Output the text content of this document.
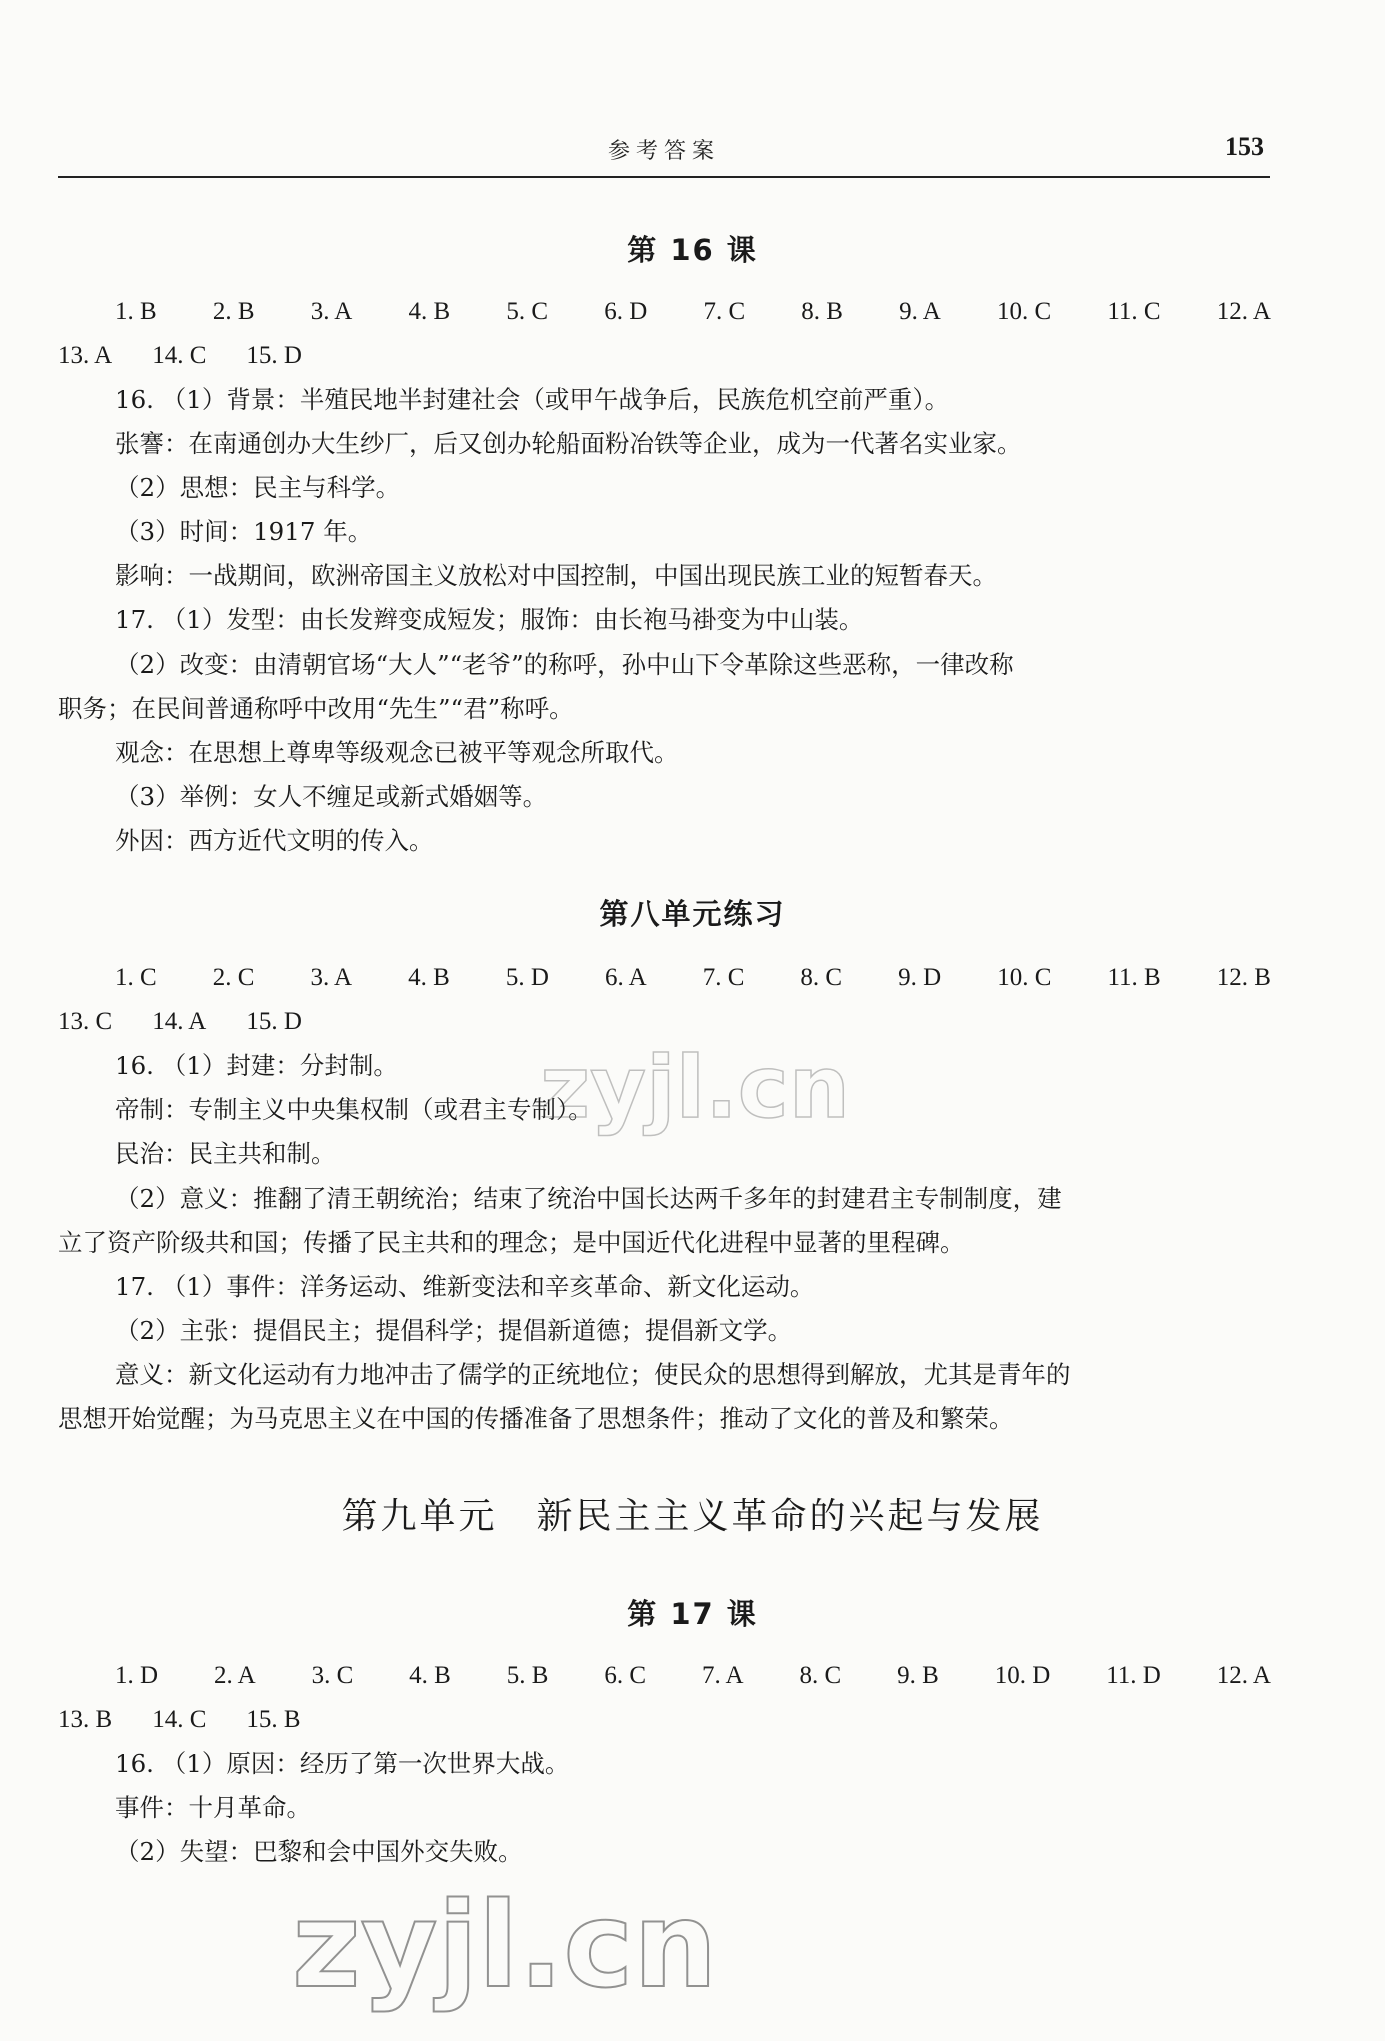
参考答案	153
第 16 课
1. B 2. B 3. A 4. B 5. C 6. D 7. C 8. B 9. A 10. C 11. C 12. A
13. A 14. C 15. D
16. （1）背景：半殖民地半封建社会（或甲午战争后，民族危机空前严重）。
张謇：在南通创办大生纱厂，后又创办轮船面粉冶铁等企业，成为一代著名实业家。
（2）思想：民主与科学。
（3）时间：1917 年。
影响：一战期间，欧洲帝国主义放松对中国控制，中国出现民族工业的短暂春天。
17. （1）发型：由长发辫变成短发；服饰：由长袍马褂变为中山装。
（2）改变：由清朝官场“大人”“老爷”的称呼，孙中山下令革除这些恶称，一律改称
职务；在民间普通称呼中改用“先生”“君”称呼。
观念：在思想上尊卑等级观念已被平等观念所取代。
（3）举例：女人不缠足或新式婚姻等。
外因：西方近代文明的传入。
第八单元练习
1. C 2. C 3. A 4. B 5. D 6. A 7. C 8. C 9. D 10. C 11. B 12. B
13. C 14. A 15. D
16. （1）封建：分封制。
帝制：专制主义中央集权制（或君主专制）。
民治：民主共和制。
（2）意义：推翻了清王朝统治；结束了统治中国长达两千多年的封建君主专制制度，建
立了资产阶级共和国；传播了民主共和的理念；是中国近代化进程中显著的里程碑。
17. （1）事件：洋务运动、维新变法和辛亥革命、新文化运动。
（2）主张：提倡民主；提倡科学；提倡新道德；提倡新文学。
意义：新文化运动有力地冲击了儒学的正统地位；使民众的思想得到解放，尤其是青年的
思想开始觉醒；为马克思主义在中国的传播准备了思想条件；推动了文化的普及和繁荣。
第九单元　新民主主义革命的兴起与发展
第 17 课
1. D 2. A 3. C 4. B 5. B 6. C 7. A 8. C 9. B 10. D 11. D 12. A
13. B 14. C 15. B
16. （1）原因：经历了第一次世界大战。
事件：十月革命。
（2）失望：巴黎和会中国外交失败。
zyjl.cn
zyjl.cn
